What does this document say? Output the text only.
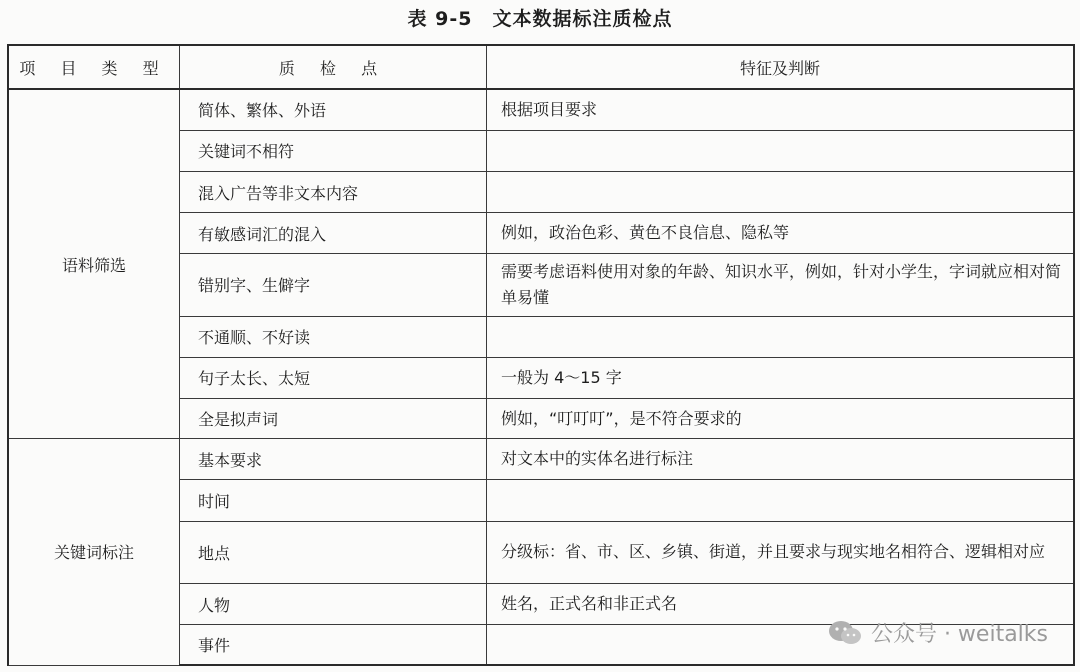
表 9-5　文本数据标注质检点
项 目 类 型	质 检 点	特征及判断
语料筛选	简体、繁体、外语	根据项目要求
	关键词不相符	
	混入广告等非文本内容	
	有敏感词汇的混入	例如，政治色彩、黄色不良信息、隐私等
	错别字、生僻字	需要考虑语料使用对象的年龄、知识水平，例如，针对小学生，字词就应相对简单易懂
	不通顺、不好读	
	句子太长、太短	一般为 4～15 字
	全是拟声词	例如，“叮叮叮”，是不符合要求的
关键词标注	基本要求	对文本中的实体名进行标注
	时间	
	地点	分级标：省、市、区、乡镇、街道，并且要求与现实地名相符合、逻辑相对应
	人物	姓名，正式名和非正式名
	事件		公众号 · weitalks
